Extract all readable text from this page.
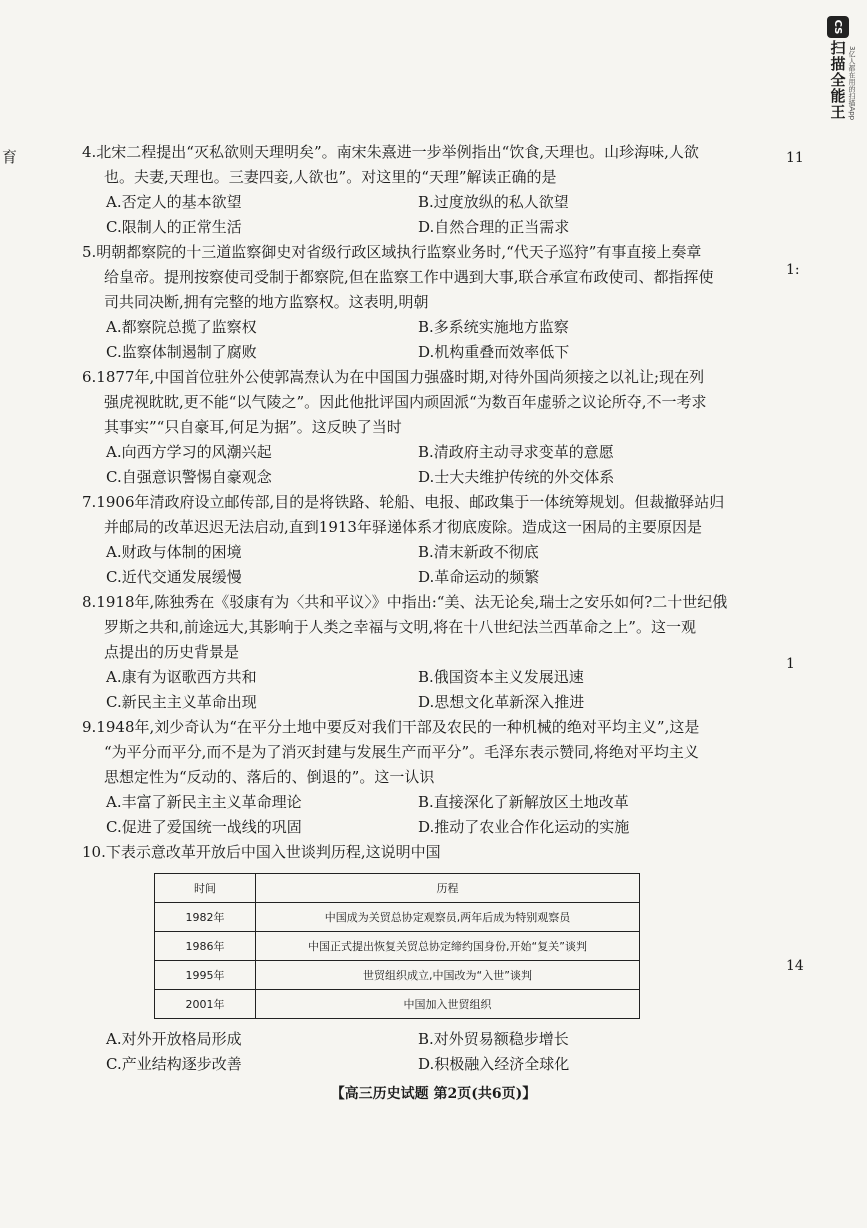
育	11
1:
1
14
CS
扫描全能王 3亿人都在用的扫描App
4.北宋二程提出“灭私欲则天理明矣”。南宋朱熹进一步举例指出“饮食,天理也。山珍海味,人欲
也。夫妻,天理也。三妻四妾,人欲也”。对这里的“天理”解读正确的是
A.否定人的基本欲望	B.过度放纵的私人欲望
C.限制人的正常生活	D.自然合理的正当需求
5.明朝都察院的十三道监察御史对省级行政区域执行监察业务时,“代天子巡狩”有事直接上奏章
给皇帝。提刑按察使司受制于都察院,但在监察工作中遇到大事,联合承宣布政使司、都指挥使
司共同决断,拥有完整的地方监察权。这表明,明朝
A.都察院总揽了监察权	B.多系统实施地方监察
C.监察体制遏制了腐败	D.机构重叠而效率低下
6.1877年,中国首位驻外公使郭嵩焘认为在中国国力强盛时期,对待外国尚须接之以礼让;现在列
强虎视眈眈,更不能“以气陵之”。因此他批评国内顽固派“为数百年虚骄之议论所夺,不一考求
其事实”“只自豪耳,何足为据”。这反映了当时
A.向西方学习的风潮兴起	B.清政府主动寻求变革的意愿
C.自强意识警惕自豪观念	D.士大夫维护传统的外交体系
7.1906年清政府设立邮传部,目的是将铁路、轮船、电报、邮政集于一体统筹规划。但裁撤驿站归
并邮局的改革迟迟无法启动,直到1913年驿递体系才彻底废除。造成这一困局的主要原因是
A.财政与体制的困境	B.清末新政不彻底
C.近代交通发展缓慢	D.革命运动的频繁
8.1918年,陈独秀在《驳康有为〈共和平议〉》中指出:“美、法无论矣,瑞士之安乐如何?二十世纪俄
罗斯之共和,前途远大,其影响于人类之幸福与文明,将在十八世纪法兰西革命之上”。这一观
点提出的历史背景是
A.康有为讴歌西方共和	B.俄国资本主义发展迅速
C.新民主主义革命出现	D.思想文化革新深入推进
9.1948年,刘少奇认为“在平分土地中要反对我们干部及农民的一种机械的绝对平均主义”,这是
“为平分而平分,而不是为了消灭封建与发展生产而平分”。毛泽东表示赞同,将绝对平均主义
思想定性为“反动的、落后的、倒退的”。这一认识
A.丰富了新民主主义革命理论	B.直接深化了新解放区土地改革
C.促进了爱国统一战线的巩固	D.推动了农业合作化运动的实施
10.下表示意改革开放后中国入世谈判历程,这说明中国
时间	历程
1982年	中国成为关贸总协定观察员,两年后成为特别观察员
1986年	中国正式提出恢复关贸总协定缔约国身份,开始“复关”谈判
1995年	世贸组织成立,中国改为“入世”谈判
2001年	中国加入世贸组织
A.对外开放格局形成	B.对外贸易额稳步增长
C.产业结构逐步改善	D.积极融入经济全球化
【高三历史试题 第2页(共6页)】
